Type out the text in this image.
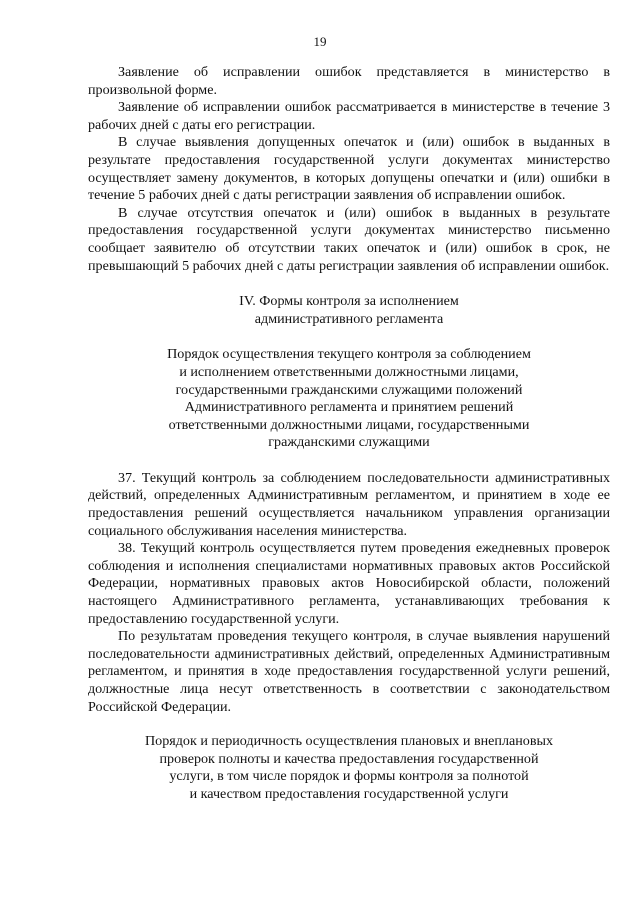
19

Заявление об исправлении ошибок представляется в министерство в произвольной форме.

Заявление об исправлении ошибок рассматривается в министерстве в течение 3 рабочих дней с даты его регистрации.

В случае выявления допущенных опечаток и (или) ошибок в выданных в результате предоставления государственной услуги документах министерство осуществляет замену документов, в которых допущены опечатки и (или) ошибки в течение 5 рабочих дней с даты регистрации заявления об исправлении ошибок.

В случае отсутствия опечаток и (или) ошибок в выданных в результате предоставления государственной услуги документах министерство письменно сообщает заявителю об отсутствии таких опечаток и (или) ошибок в срок, не превышающий 5 рабочих дней с даты регистрации заявления об исправлении ошибок.

IV. Формы контроля за исполнением
административного регламента
Порядок осуществления текущего контроля за соблюдением
и исполнением ответственными должностными лицами,
государственными гражданскими служащими положений
Административного регламента и принятием решений
ответственными должностными лицами, государственными
гражданскими служащими

37. Текущий контроль за соблюдением последовательности административных действий, определенных Административным регламентом, и принятием в ходе ее предоставления решений осуществляется начальником управления организации социального обслуживания населения министерства.

38. Текущий контроль осуществляется путем проведения ежедневных проверок соблюдения и исполнения специалистами нормативных правовых актов Российской Федерации, нормативных правовых актов Новосибирской области, положений настоящего Административного регламента, устанавливающих требования к предоставлению государственной услуги.

По результатам проведения текущего контроля, в случае выявления нарушений последовательности административных действий, определенных Административным регламентом, и принятия в ходе предоставления государственной услуги решений, должностные лица несут ответственность в соответствии с законодательством Российской Федерации.

Порядок и периодичность осуществления плановых и внеплановых
проверок полноты и качества предоставления государственной
услуги, в том числе порядок и формы контроля за полнотой
и качеством предоставления государственной услуги
